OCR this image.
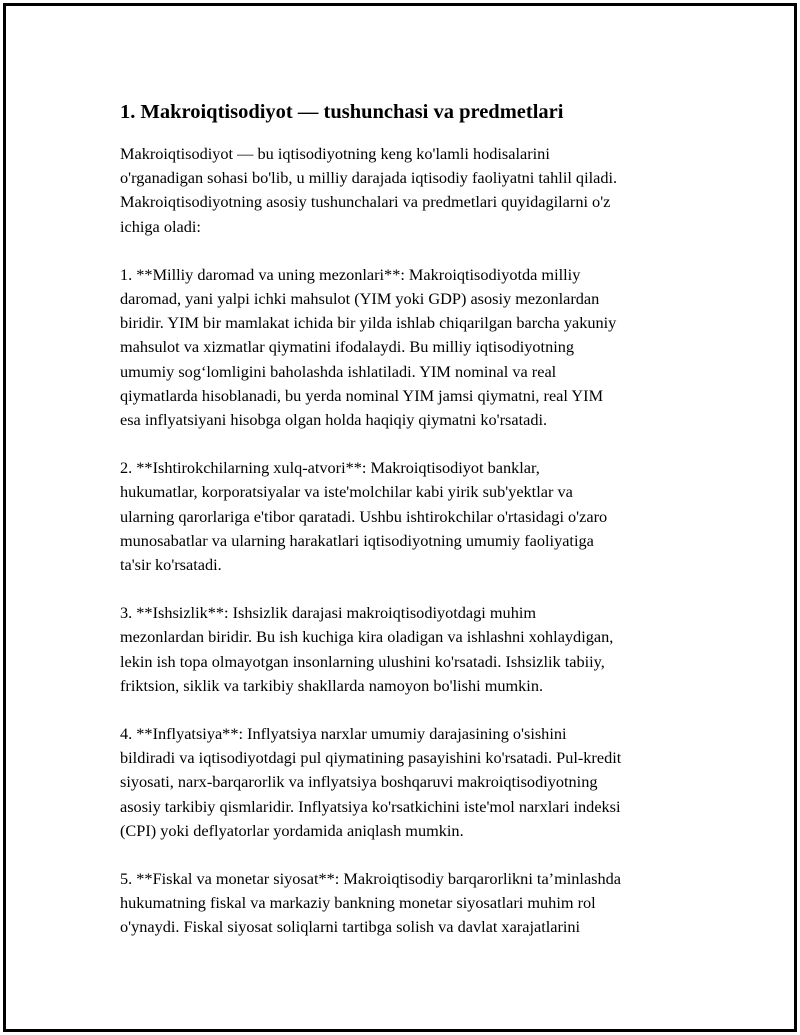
1. Makroiqtisodiyot — tushunchasi va predmetlari

Makroiqtisodiyot — bu iqtisodiyotning keng ko'lamli hodisalarini
o'rganadigan sohasi bo'lib, u milliy darajada iqtisodiy faoliyatni tahlil qiladi.
Makroiqtisodiyotning asosiy tushunchalari va predmetlari quyidagilarni o'z
ichiga oladi:

1. **Milliy daromad va uning mezonlari**: Makroiqtisodiyotda milliy
daromad, yani yalpi ichki mahsulot (YIM yoki GDP) asosiy mezonlardan
biridir. YIM bir mamlakat ichida bir yilda ishlab chiqarilgan barcha yakuniy
mahsulot va xizmatlar qiymatini ifodalaydi. Bu milliy iqtisodiyotning
umumiy sog‘lomligini baholashda ishlatiladi. YIM nominal va real
qiymatlarda hisoblanadi, bu yerda nominal YIM jamsi qiymatni, real YIM
esa inflyatsiyani hisobga olgan holda haqiqiy qiymatni ko'rsatadi.

2. **Ishtirokchilarning xulq-atvori**: Makroiqtisodiyot banklar,
hukumatlar, korporatsiyalar va iste'molchilar kabi yirik sub'yektlar va
ularning qarorlariga e'tibor qaratadi. Ushbu ishtirokchilar o'rtasidagi o'zaro
munosabatlar va ularning harakatlari iqtisodiyotning umumiy faoliyatiga
ta'sir ko'rsatadi.

3. **Ishsizlik**: Ishsizlik darajasi makroiqtisodiyotdagi muhim
mezonlardan biridir. Bu ish kuchiga kira oladigan va ishlashni xohlaydigan,
lekin ish topa olmayotgan insonlarning ulushini ko'rsatadi. Ishsizlik tabiiy,
friktsion, siklik va tarkibiy shakllarda namoyon bo'lishi mumkin.

4. **Inflyatsiya**: Inflyatsiya narxlar umumiy darajasining o'sishini
bildiradi va iqtisodiyotdagi pul qiymatining pasayishini ko'rsatadi. Pul-kredit
siyosati, narx-barqarorlik va inflyatsiya boshqaruvi makroiqtisodiyotning
asosiy tarkibiy qismlaridir. Inflyatsiya ko'rsatkichini iste'mol narxlari indeksi
(CPI) yoki deflyatorlar yordamida aniqlash mumkin.

5. **Fiskal va monetar siyosat**: Makroiqtisodiy barqarorlikni ta’minlashda
hukumatning fiskal va markaziy bankning monetar siyosatlari muhim rol
o'ynaydi. Fiskal siyosat soliqlarni tartibga solish va davlat xarajatlarini
